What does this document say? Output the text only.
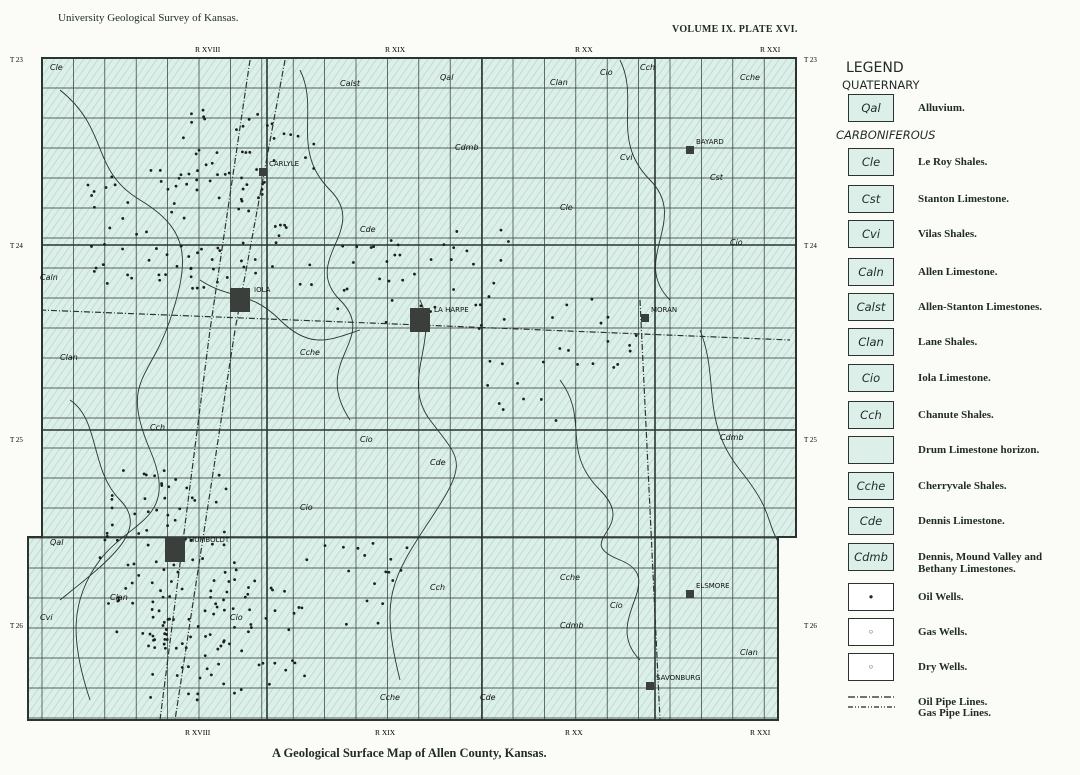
University Geological Survey of Kansas.
VOLUME IX. PLATE XVI.
CARLYLE
IOLA
BAYARD
LA HARPE	MORAN
HUMBOLDT
ELSMORE
SAVONBURG
Cle
Calst
Qal
Clan
Cio
Cch
Cche
Cdmb
Cvi
Cst
Caln
Cde
Cle
Cio
Clan
Cche
Cch
Cdmb
Cio
Cde
Qal
Cvi
Clan
Cch
Cche
Cio
Cdmb
Clan
Cio
Cche	Cde
Cio
R XVIII	R XIX	R XX	R XXI
R XVIII	R XIX	R XX	R XXI
T 23	T 23
T 24	T 24
T 25	T 25
T 26	T 26
LEGEND
QUATERNARY
CARBONIFEROUS
Qal	Alluvium.
Cle	Le Roy Shales.
Cst	Stanton Limestone.
Cvi	Vilas Shales.
Caln	Allen Limestone.
Calst	Allen-Stanton Limestones.
Clan	Lane Shales.
Cio	Iola Limestone.
Cch	Chanute Shales.
Drum Limestone horizon.
Cche	Cherryvale Shales.
Cde	Dennis Limestone.
Cdmb	Dennis, Mound Valley and Bethany Limestones.
•	Oil Wells.
◦	Gas Wells.
◦	Dry Wells.
Oil Pipe Lines.
Gas Pipe Lines.
A Geological Surface Map of Allen County, Kansas.
